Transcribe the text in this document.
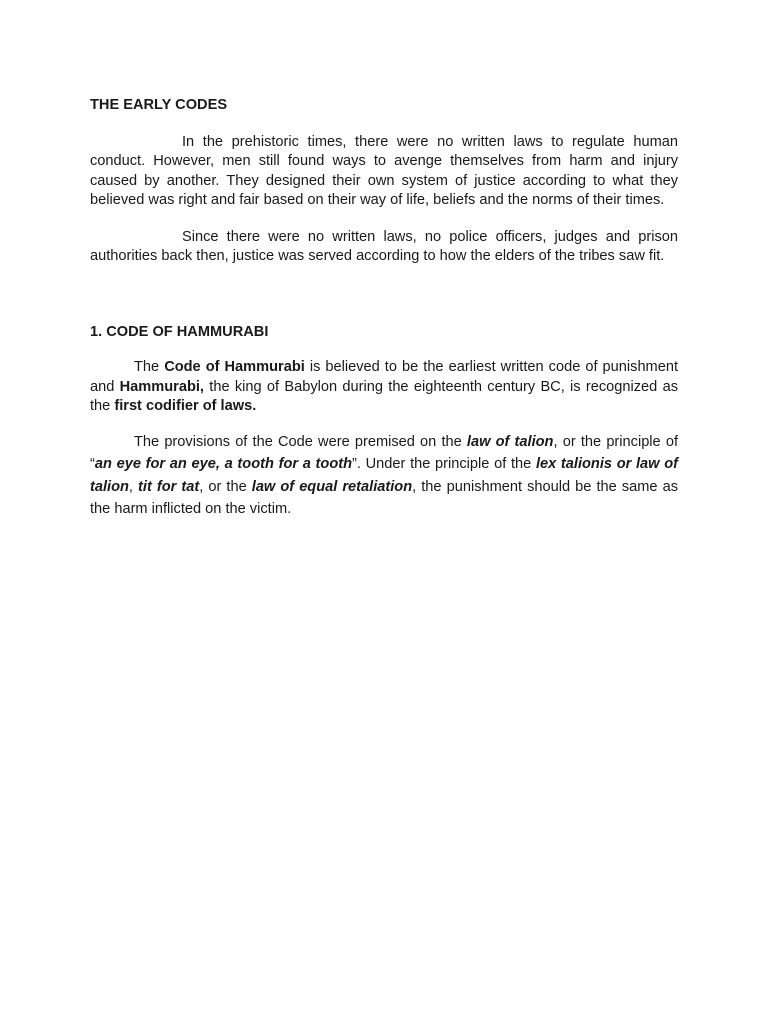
THE EARLY CODES

In the prehistoric times, there were no written laws to regulate human conduct. However, men still found ways to avenge themselves from harm and injury caused by another. They designed their own system of justice according to what they believed was right and fair based on their way of life, beliefs and the norms of their times.

Since there were no written laws, no police officers, judges and prison authorities back then, justice was served according to how the elders of the tribes saw fit.

1. CODE OF HAMMURABI

The Code of Hammurabi is believed to be the earliest written code of punishment and Hammurabi, the king of Babylon during the eighteenth century BC, is recognized as the first codifier of laws.

The provisions of the Code were premised on the law of talion, or the principle of “an eye for an eye, a tooth for a tooth”. Under the principle of the lex talionis or law of talion, tit for tat, or the law of equal retaliation, the punishment should be the same as the harm inflicted on the victim.
